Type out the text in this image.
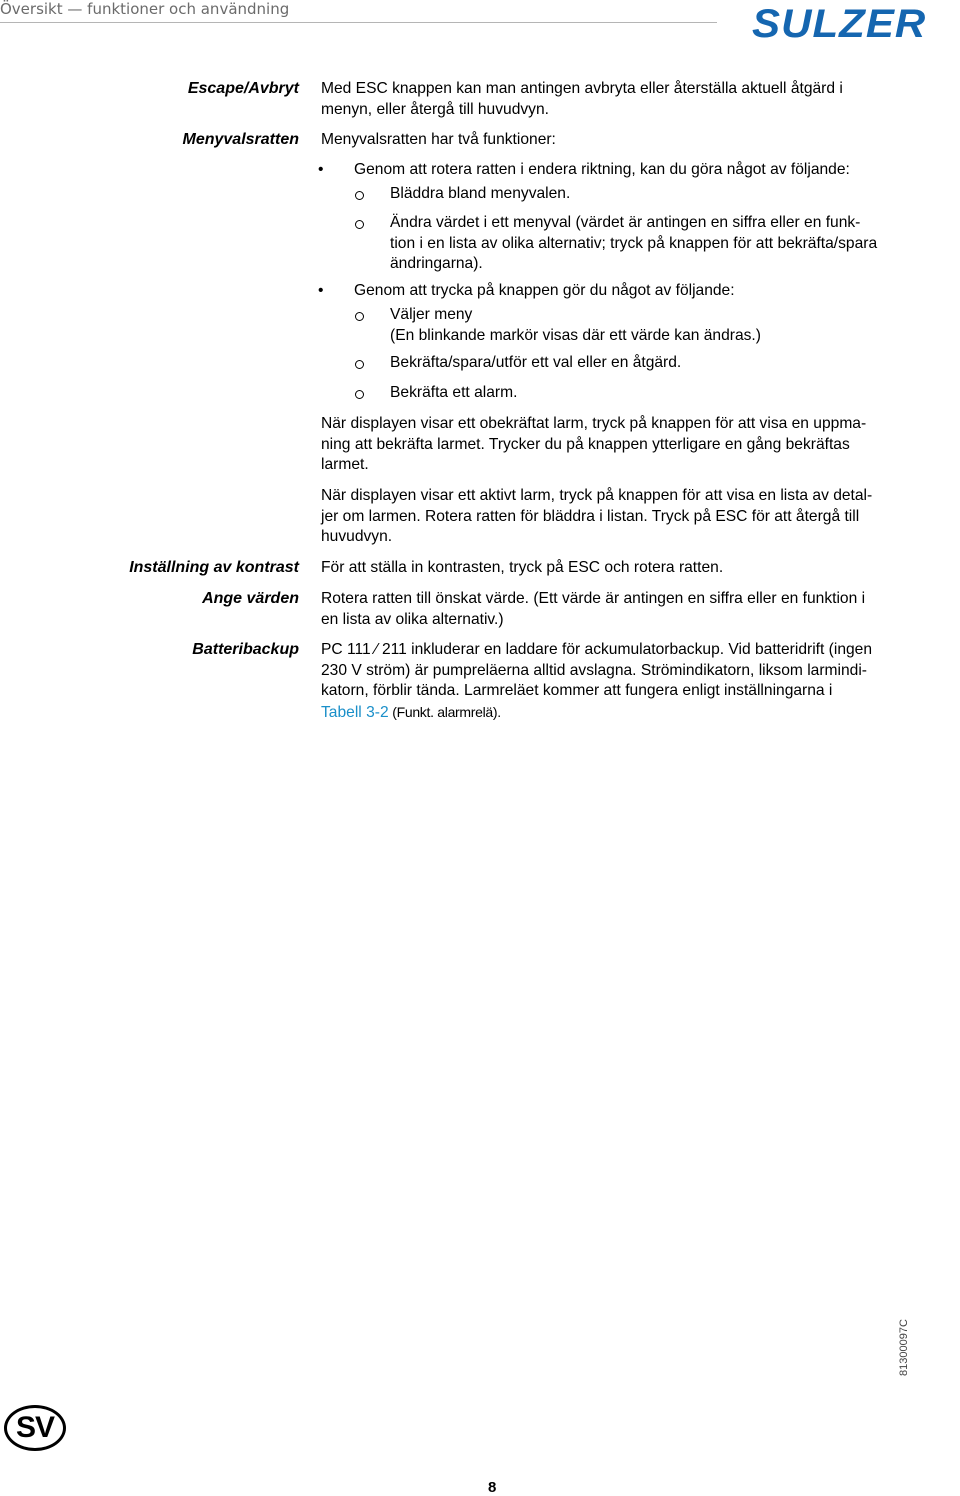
Översikt — funktioner och användning	SULZER
Escape/Avbryt
Menyvalsratten
Inställning av kontrast
Ange värden
Batteribackup
Med ESC knappen kan man antingen avbryta eller återställa aktuell åtgärd i
menyn, eller återgå till huvudvyn.
Menyvalsratten har två funktioner:
• Genom att rotera ratten i endera riktning, kan du göra något av följande:
Bläddra bland menyvalen.
Ändra värdet i ett menyval (värdet är antingen en siffra eller en funk-
tion i en lista av olika alternativ; tryck på knappen för att bekräfta/spara
ändringarna).
• Genom att trycka på knappen gör du något av följande:
Väljer meny
(En blinkande markör visas där ett värde kan ändras.)
Bekräfta/spara/utför ett val eller en åtgärd.
Bekräfta ett alarm.
När displayen visar ett obekräftat larm, tryck på knappen för att visa en uppma-
ning att bekräfta larmet. Trycker du på knappen ytterligare en gång bekräftas
larmet.
När displayen visar ett aktivt larm, tryck på knappen för att visa en lista av detal-
jer om larmen. Rotera ratten för bläddra i listan. Tryck på ESC för att återgå till
huvudvyn.
För att ställa in kontrasten, tryck på ESC och rotera ratten.
Rotera ratten till önskat värde. (Ett värde är antingen en siffra eller en funktion i
en lista av olika alternativ.)
PC 111 ⁄ 211 inkluderar en laddare för ackumulatorbackup. Vid batteridrift (ingen
230 V ström) är pumpreläerna alltid avslagna. Strömindikatorn, liksom larmindi-
katorn, förblir tända. Larmreläet kommer att fungera enligt inställningarna i
Tabell 3-2 (Funkt. alarmrelä).
SV
81300097C
8
